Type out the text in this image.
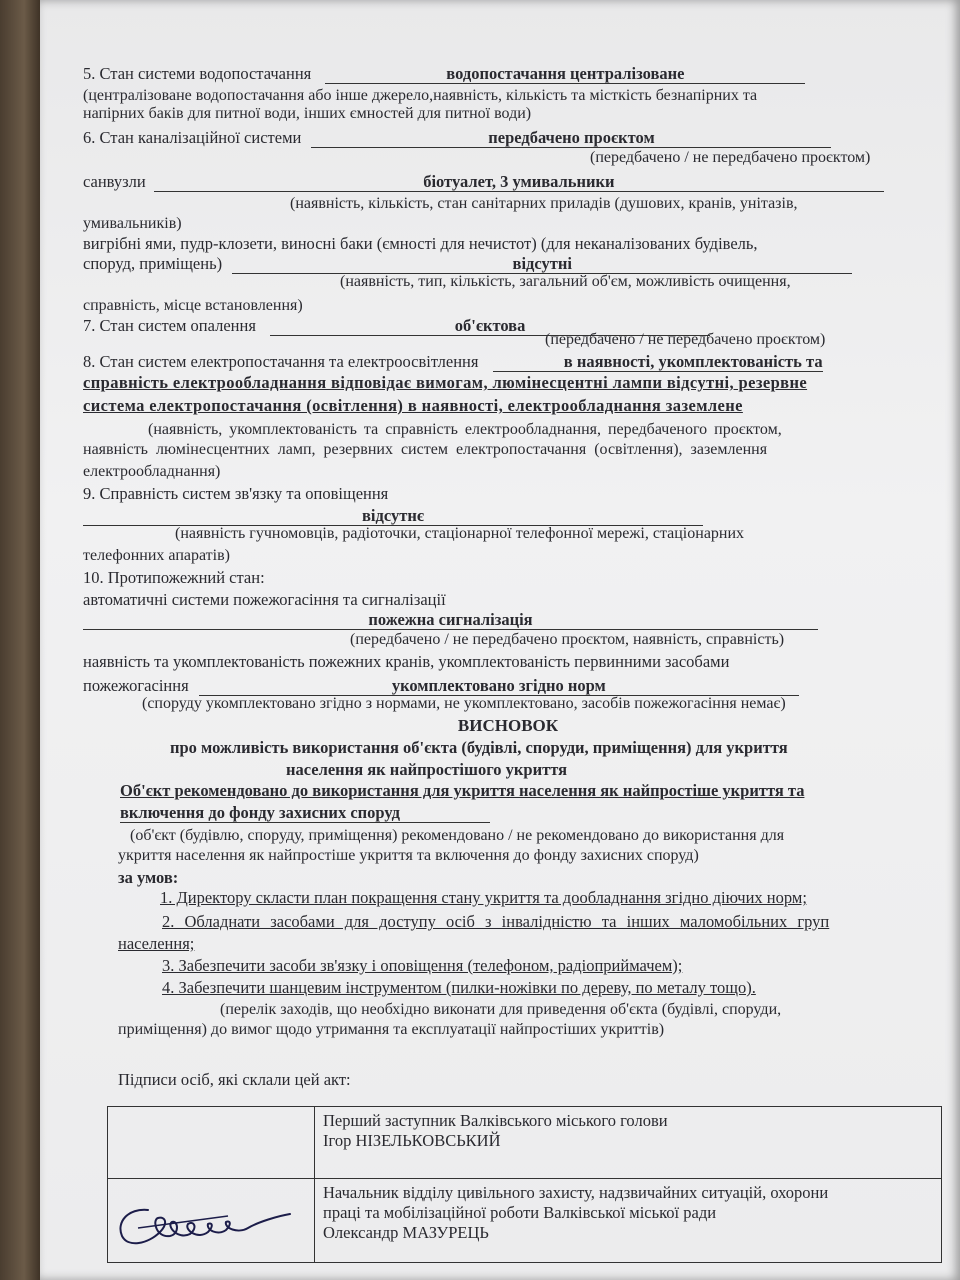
5. Стан системи водопостачання	водопостачання централізоване
(централізоване водопостачання або інше джерело,наявність, кількість та місткість безнапірних та
напірних баків для питної води, інших ємностей для питної води)
6. Стан каналізаційної системи	передбачено проєктом
(передбачено / не передбачено проєктом)
санвузли	біотуалет, 3 умивальники
(наявність, кількість, стан санітарних приладів (душових, кранів, унітазів,
умивальників)
вигрібні ями, пудр-клозети, виносні баки (ємності для нечистот) (для неканалізованих будівель,
споруд, приміщень)	відсутні
(наявність, тип, кількість, загальний об'єм, можливість очищення,
справність, місце встановлення)
7. Стан систем опалення	об'єктова
(передбачено / не передбачено проєктом)
8. Стан систем електропостачання та електроосвітлення	в наявності, укомплектованість та
справність електрообладнання відповідає вимогам, люмінесцентні лампи відсутні, резервне
система електропостачання (освітлення) в наявності, електрообладнання заземлене
(наявність, укомплектованість та справність електрообладнання, передбаченого проєктом,
наявність люмінесцентних ламп, резервних систем електропостачання (освітлення), заземлення
електрообладнання)
9. Справність систем зв'язку та оповіщення
відсутнє
(наявність гучномовців, радіоточки, стаціонарної телефонної мережі, стаціонарних
телефонних апаратів)
10. Протипожежний стан:
автоматичні системи пожежогасіння та сигналізації
пожежна сигналізація
(передбачено / не передбачено проєктом, наявність, справність)
наявність та укомплектованість пожежних кранів, укомплектованість первинними засобами
пожежогасіння	укомплектовано згідно норм
(споруду укомплектовано згідно з нормами, не укомплектовано, засобів пожежогасіння немає)
ВИСНОВОК
про можливість використання об'єкта (будівлі, споруди, приміщення) для укриття
населення як найпростішого укриття
Об'єкт рекомендовано до використання для укриття населення як найпростіше укриття та
включення до фонду захисних споруд
(об'єкт (будівлю, споруду, приміщення) рекомендовано / не рекомендовано до використання для
укриття населення як найпростіше укриття та включення до фонду захисних споруд)
за умов:
1. Директору скласти план покращення стану укриття та дообладнання згідно діючих норм;
2. Обладнати засобами для доступу осіб з інвалідністю та інших маломобільних груп
населення;
3. Забезпечити засоби зв'язку і оповіщення (телефоном, радіоприймачем);
4. Забезпечити шанцевим інструментом (пилки-ножівки по дереву, по металу тощо).
(перелік заходів, що необхідно виконати для приведення об'єкта (будівлі, споруди,
приміщення) до вимог щодо утримання та експлуатації найпростіших укриттів)
Підписи осіб, які склали цей акт:

	Перший заступник Валківського міського голови
Ігор НІЗЕЛЬКОВСЬКИЙ

	Начальник відділу цивільного захисту, надзвичайних ситуацій, охорони
праці та мобілізаційної роботи Валківської міської ради
Олександр МАЗУРЕЦЬ
